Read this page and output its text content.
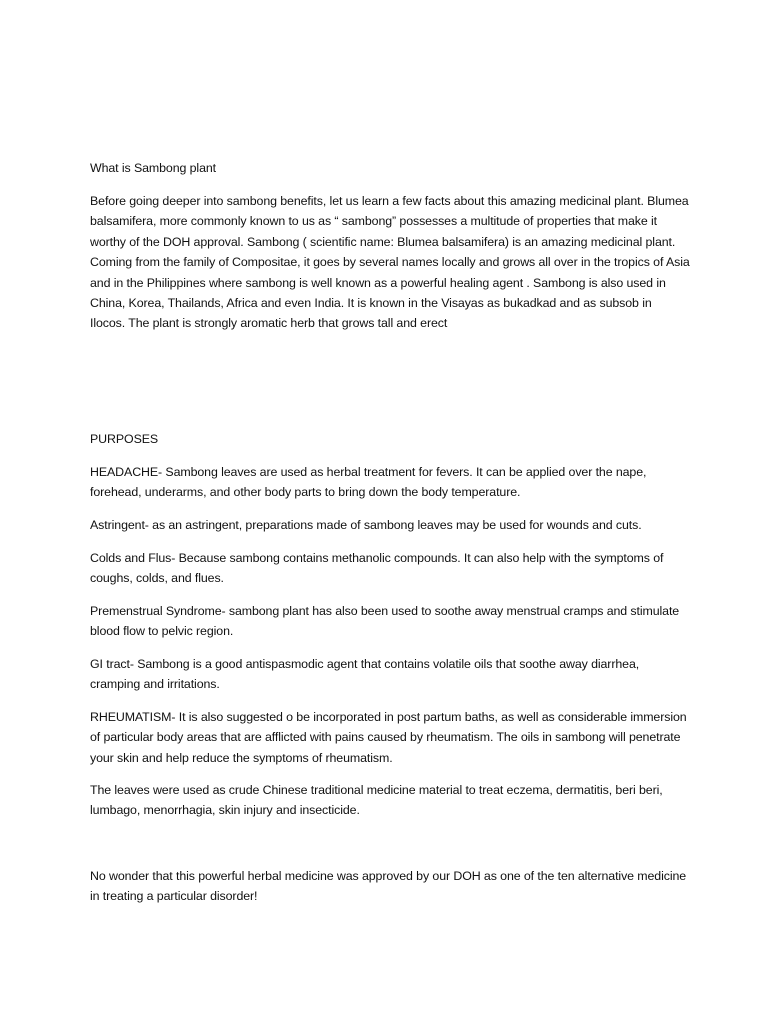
What is Sambong plant

Before going deeper into sambong benefits, let us learn a few facts about this amazing medicinal plant. Blumea balsamifera, more commonly known to us as “ sambong” possesses a multitude of properties that make it worthy of the DOH approval. Sambong ( scientific name: Blumea balsamifera) is an amazing medicinal plant. Coming from the family of Compositae, it goes by several names locally and grows all over in the tropics of Asia and in the Philippines where sambong is well known as a powerful healing agent . Sambong is also used in China, Korea, Thailands, Africa and even India. It is known in the Visayas as bukadkad and as subsob in Ilocos. The plant is strongly aromatic herb that grows tall and erect

PURPOSES

HEADACHE- Sambong leaves are used as herbal treatment for fevers. It can be applied over the nape, forehead, underarms, and other body parts to bring down the body temperature.

Astringent- as an astringent, preparations made of sambong leaves may be used for wounds and cuts.

Colds and Flus- Because sambong contains methanolic compounds. It can also help with the symptoms of coughs, colds, and flues.

Premenstrual Syndrome- sambong plant has also been used to soothe away menstrual cramps and stimulate blood flow to pelvic region.

GI tract- Sambong is a good antispasmodic agent that contains volatile oils that soothe away diarrhea, cramping and irritations.

RHEUMATISM- It is also suggested o be incorporated in post partum baths, as well as considerable immersion of particular body areas that are afflicted with pains caused by rheumatism. The oils in sambong will penetrate your skin and help reduce the symptoms of rheumatism.

The leaves were used as crude Chinese traditional medicine material to treat eczema, dermatitis, beri beri, lumbago, menorrhagia, skin injury and insecticide.

No wonder that this powerful herbal medicine was approved by our DOH as one of the ten alternative medicine in treating a particular disorder!
